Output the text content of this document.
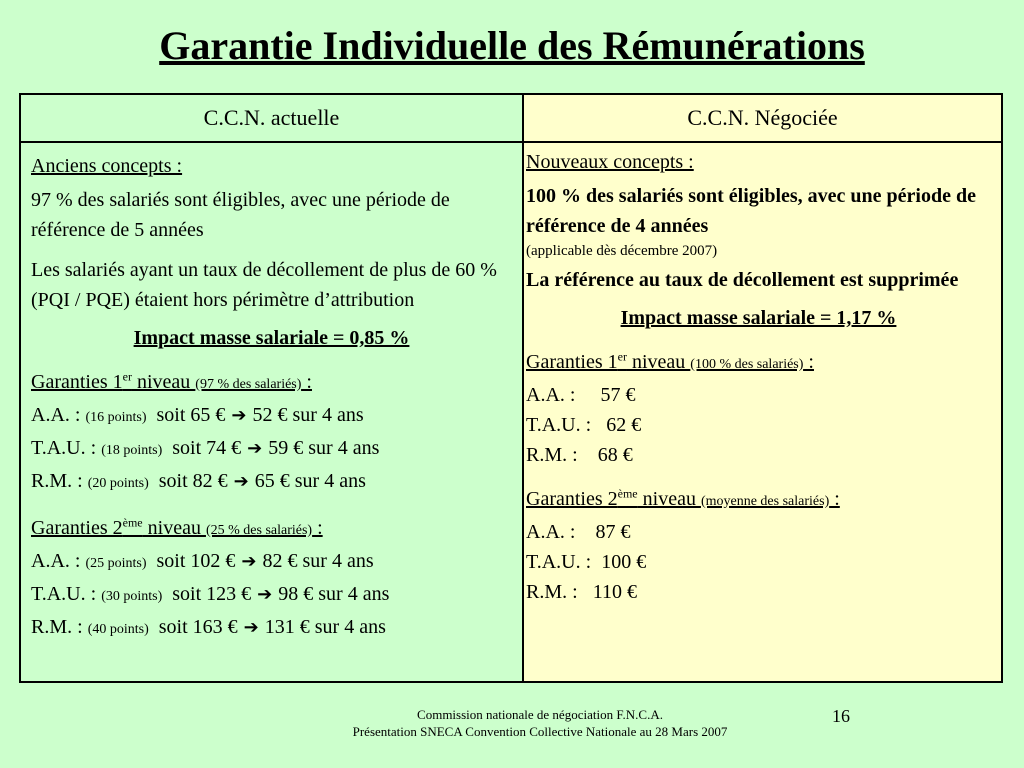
Garantie Individuelle des Rémunérations
C.C.N. actuelle
Anciens concepts :
97 % des salariés sont éligibles, avec une période de référence de 5 années
Les salariés ayant un taux de décollement de plus de 60 % (PQI / PQE) étaient hors périmètre d’attribution
Impact masse salariale = 0,85 %
Garanties 1er niveau (97 % des salariés) :
A.A. : (16 points) soit 65 € ➔ 52 € sur 4 ans
T.A.U. : (18 points) soit 74 € ➔ 59 € sur 4 ans
R.M. : (20 points) soit 82 € ➔ 65 € sur 4 ans
Garanties 2ème niveau (25 % des salariés) :
A.A. : (25 points) soit 102 € ➔ 82 € sur 4 ans
T.A.U. : (30 points) soit 123 € ➔ 98 € sur 4 ans
R.M. : (40 points) soit 163 € ➔ 131 € sur 4 ans
C.C.N. Négociée
Nouveaux concepts :
100 % des salariés sont éligibles, avec une période de référence de 4 années
(applicable dès décembre 2007)
La référence au taux de décollement est supprimée
Impact masse salariale = 1,17 %
Garanties 1er niveau (100 % des salariés) :
A.A. : 57 €
T.A.U. : 62 €
R.M. : 68 €
Garanties 2ème niveau (moyenne des salariés) :
A.A. : 87 €
T.A.U. : 100 €
R.M. : 110 €
Commission nationale de négociation F.N.C.A.
Présentation SNECA Convention Collective Nationale au 28 Mars 2007
16
